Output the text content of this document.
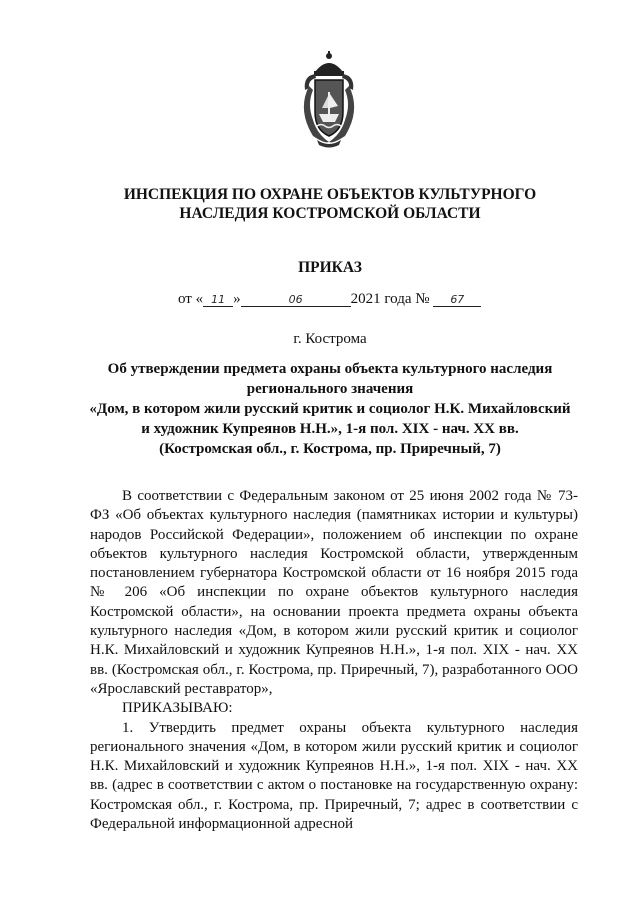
ИНСПЕКЦИЯ ПО ОХРАНЕ ОБЪЕКТОВ КУЛЬТУРНОГО
НАСЛЕДИЯ КОСТРОМСКОЙ ОБЛАСТИ
ПРИКАЗ
от « 11 »	06	2021 года № 67
г. Кострома
Об утверждении предмета охраны объекта культурного наследия
регионального значения
«Дом, в котором жили русский критик и социолог Н.К. Михайловский
и художник Купреянов Н.Н.», 1-я пол. XIX - нач. XX вв.
(Костромская обл., г. Кострома, пр. Приречный, 7)

В соответствии с Федеральным законом от 25 июня 2002 года № 73-ФЗ «Об объектах культурного наследия (памятниках истории и культуры) народов Российской Федерации», положением об инспекции по охране объектов культурного наследия Костромской области, утвержденным постановлением губернатора Костромской области от 16 ноября 2015 года № 206 «Об инспекции по охране объектов культурного наследия Костромской области», на основании проекта предмета охраны объекта культурного наследия «Дом, в котором жили русский критик и социолог Н.К. Михайловский и художник Купреянов Н.Н.», 1-я пол. XIX - нач. XX вв. (Костромская обл., г. Кострома, пр. Приречный, 7), разработанного ООО «Ярославский реставратор»,

ПРИКАЗЫВАЮ:

1. Утвердить предмет охраны объекта культурного наследия регионального значения «Дом, в котором жили русский критик и социолог Н.К. Михайловский и художник Купреянов Н.Н.», 1-я пол. XIX - нач. XX вв. (адрес в соответствии с актом о постановке на государственную охрану: Костромская обл., г. Кострома, пр. Приречный, 7; адрес в соответствии с Федеральной информационной адресной
